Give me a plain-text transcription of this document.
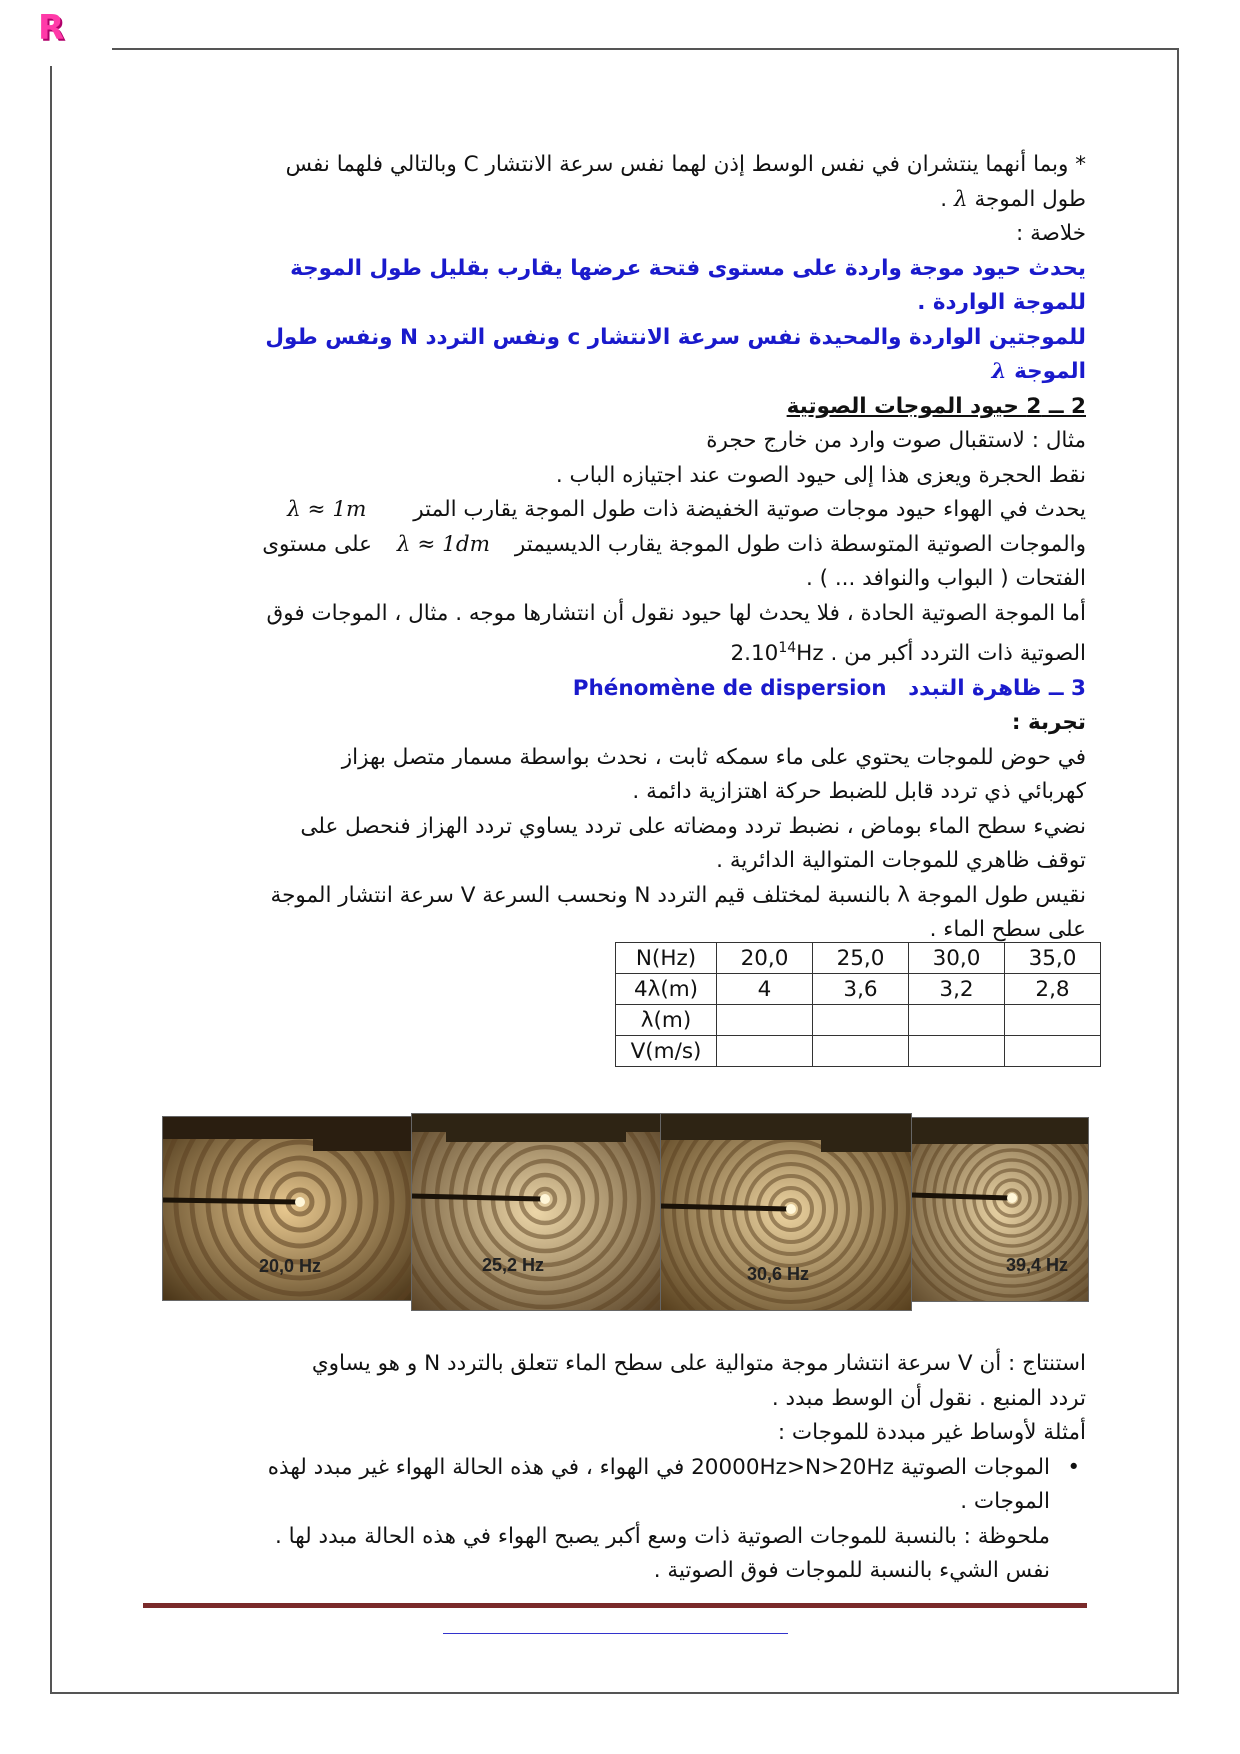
R

* وبما أنهما ينتشران في نفس الوسط إذن لهما نفس سرعة الانتشار C وبالتالي فلهما نفس

طول الموجة λ .

خلاصة :

يحدث حيود موجة واردة على مستوى فتحة عرضها يقارب بقليل طول الموجة

للموجة الواردة .

للموجتين الواردة والمحيدة نفس سرعة الانتشار c ونفس التردد N ونفس طول

الموجة λ

2 ــ 2 حيود الموجات الصوتية

مثال : لاستقبال صوت وارد من خارج حجرة

نقط الحجرة ويعزى هذا إلى حيود الصوت عند اجتيازه الباب .

يحدث في الهواء حيود موجات صوتية الخفيضة ذات طول الموجة يقارب المتر λ ≈ 1m

والموجات الصوتية المتوسطة ذات طول الموجة يقارب الديسيمتر λ ≈ 1dm على مستوى

الفتحات ( البواب والنوافد ... ) .

أما الموجة الصوتية الحادة ، فلا يحدث لها حيود نقول أن انتشارها موجه . مثال ، الموجات فوق

الصوتية ذات التردد أكبر من 2.10$^{14}$Hz .

3 ــ ظاهرة التبدد Phénomène de dispersion

تجربة :

في حوض للموجات يحتوي على ماء سمكه ثابت ، نحدث بواسطة مسمار متصل بهزاز

كهربائي ذي تردد قابل للضبط حركة اهتزازية دائمة .

نضيء سطح الماء بوماض ، نضبط تردد ومضاته على تردد يساوي تردد الهزاز فنحصل على

توقف ظاهري للموجات المتوالية الدائرية .

نقيس طول الموجة λ بالنسبة لمختلف قيم التردد N ونحسب السرعة V سرعة انتشار الموجة

على سطح الماء .

N(Hz)	20,0	25,0	30,0	35,0
4λ(m)	4	3,6	3,2	2,8
λ(m)				
V(m/s)				
20,0 Hz	25,2 Hz	30,6 Hz	39,4 Hz

استنتاج : أن V سرعة انتشار موجة متوالية على سطح الماء تتعلق بالتردد N و هو يساوي

تردد المنبع . نقول أن الوسط مبدد .

أمثلة لأوساط غير مبددة للموجات :

•
الموجات الصوتية 20000Hz>N>20Hz في الهواء ، في هذه الحالة الهواء غير مبدد لهذه

الموجات .

ملحوظة : بالنسبة للموجات الصوتية ذات وسع أكبر يصبح الهواء في هذه الحالة مبدد لها .

نفس الشيء بالنسبة للموجات فوق الصوتية .
